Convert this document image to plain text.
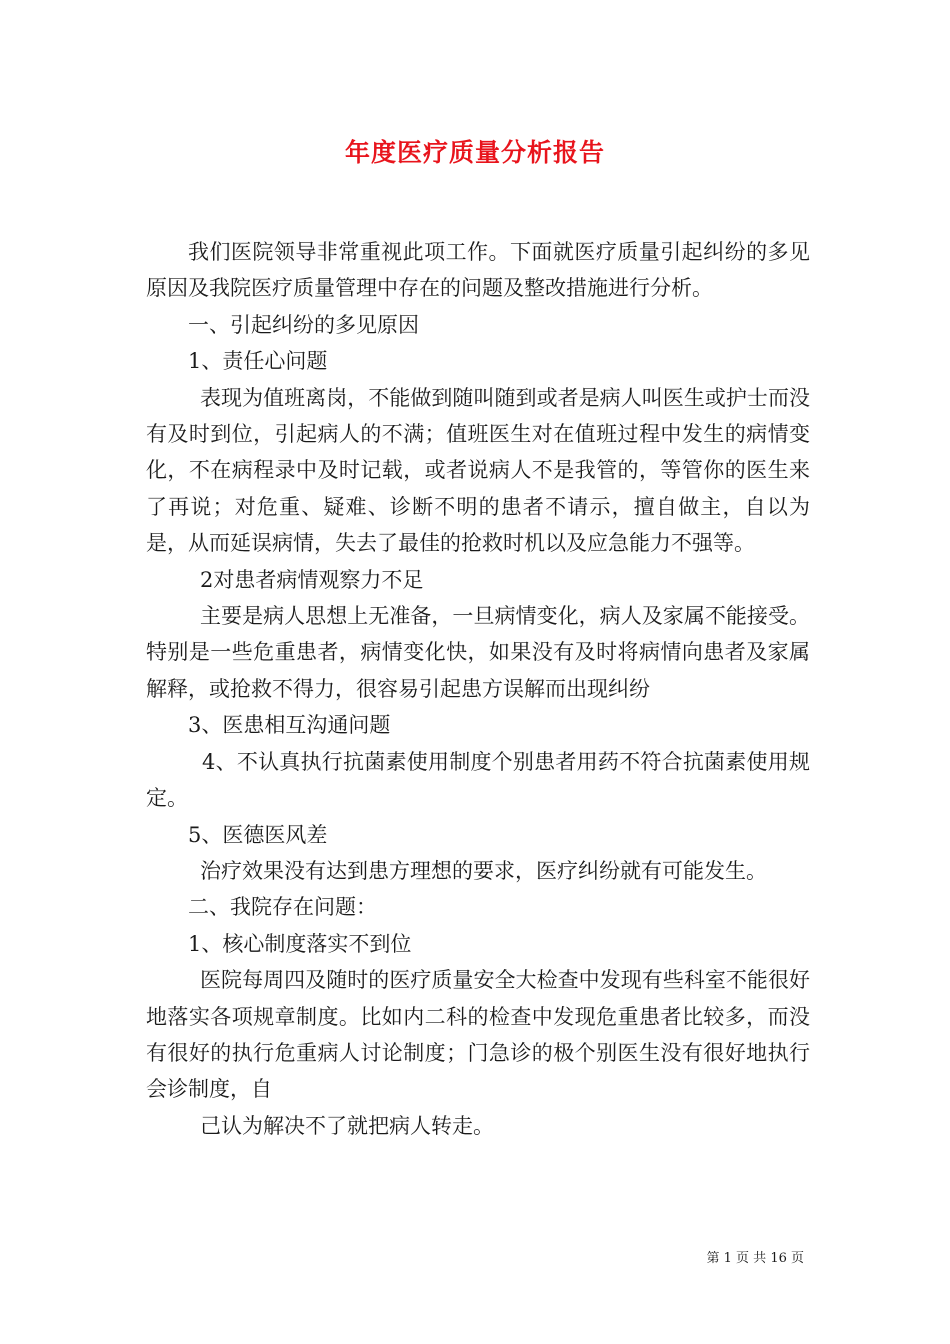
年度医疗质量分析报告

我们医院领导非常重视此项工作。下面就医疗质量引起纠纷的多见原因及我院医疗质量管理中存在的问题及整改措施进行分析。

一、引起纠纷的多见原因

1、责任心问题

表现为值班离岗，不能做到随叫随到或者是病人叫医生或护士而没有及时到位，引起病人的不满；值班医生对在值班过程中发生的病情变化，不在病程录中及时记载，或者说病人不是我管的，等管你的医生来了再说；对危重、疑难、诊断不明的患者不请示，擅自做主，自以为是，从而延误病情，失去了最佳的抢救时机以及应急能力不强等。

2对患者病情观察力不足

主要是病人思想上无准备，一旦病情变化，病人及家属不能接受。特别是一些危重患者，病情变化快，如果没有及时将病情向患者及家属解释，或抢救不得力，很容易引起患方误解而出现纠纷

3、医患相互沟通问题

4、不认真执行抗菌素使用制度个别患者用药不符合抗菌素使用规定。

5、医德医风差

治疗效果没有达到患方理想的要求，医疗纠纷就有可能发生。

二、我院存在问题：

1、核心制度落实不到位

医院每周四及随时的医疗质量安全大检查中发现有些科室不能很好地落实各项规章制度。比如内二科的检查中发现危重患者比较多，而没有很好的执行危重病人讨论制度；门急诊的极个别医生没有很好地执行会诊制度，自

己认为解决不了就把病人转走。

第 1 页 共 16 页
